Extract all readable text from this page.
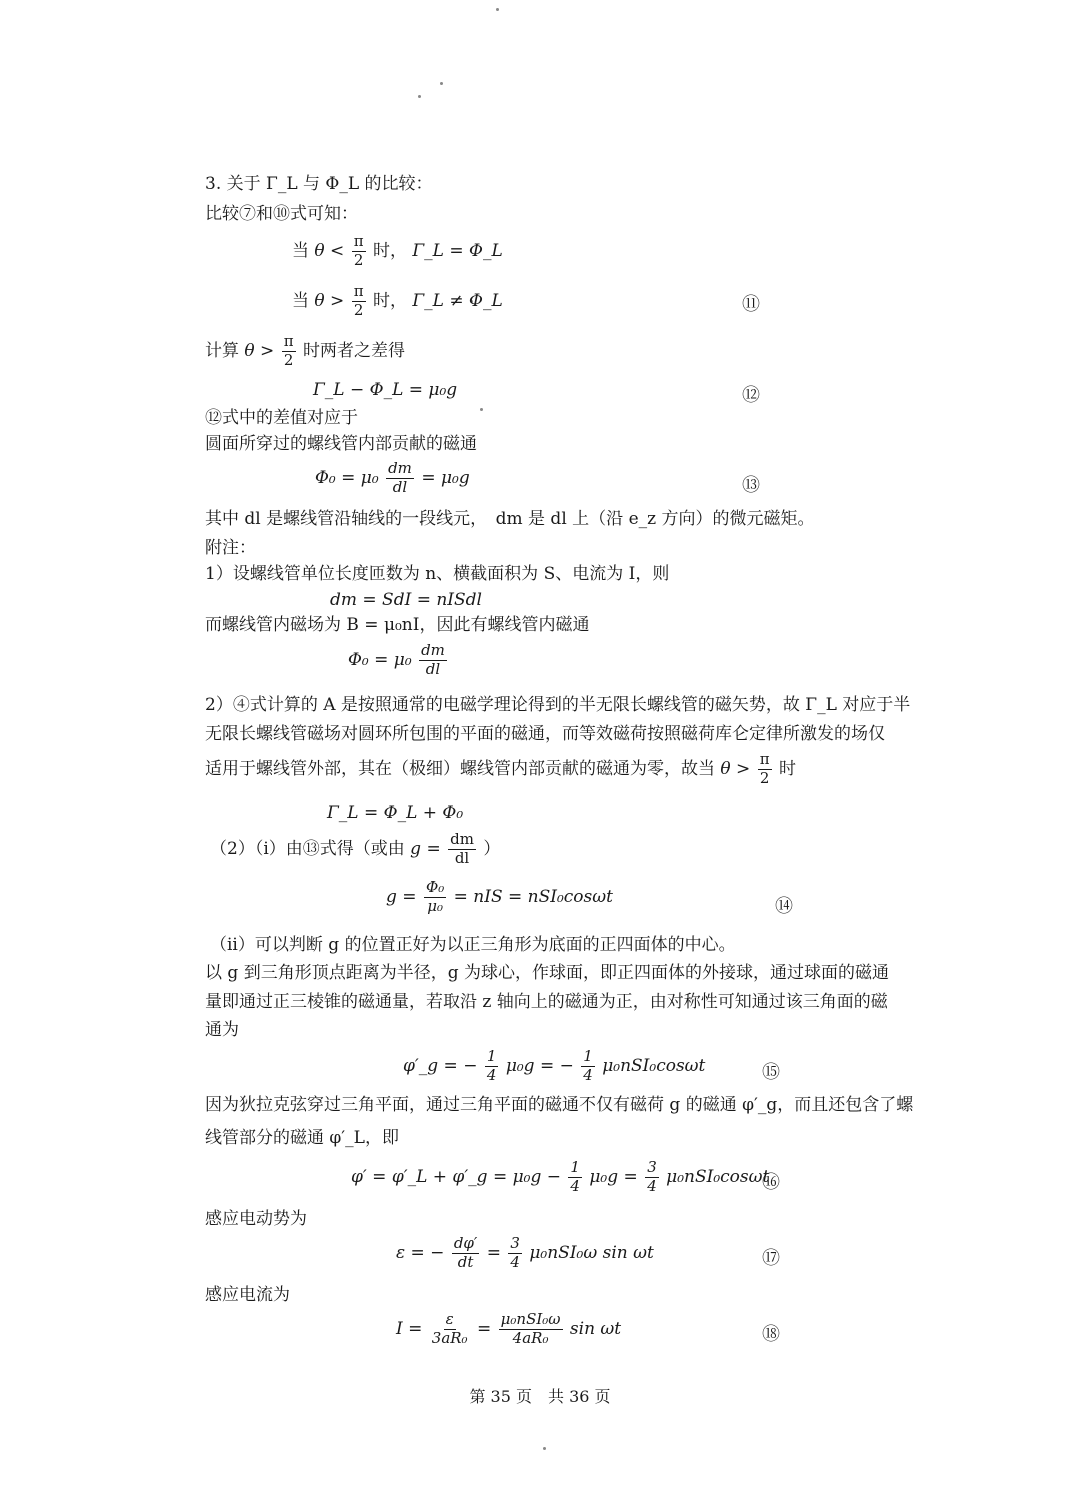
3. 关于 Γ_L 与 Φ_L 的比较：
比较⑦和⑩式可知：
当 $\theta < \frac{\pi}{2}$ 时， Γ_L = Φ_L
当 $\theta > \frac{\pi}{2}$ 时， Γ_L ≠ Φ_L	⑪
计算 $\theta > \frac{\pi}{2}$ 时两者之差得
Γ_L − Φ_L = μ₀g	⑫
⑫式中的差值对应于
圆面所穿过的螺线管内部贡献的磁通
$\Phi_0 = \mu_0 \frac{dm}{dl} = \mu_0g$	⑬
其中 dl 是螺线管沿轴线的一段线元，　dm 是 dl 上（沿 e_z 方向）的微元磁矩。
附注：
1）设螺线管单位长度匝数为 n、横截面积为 S、电流为 I，则
dm = SdI = nISdl
而螺线管内磁场为 B = μ₀nI，因此有螺线管内磁通
$\Phi_0 = \mu_0 \frac{dm}{dl}$
2）④式计算的 A 是按照通常的电磁学理论得到的半无限长螺线管的磁矢势，故 Γ_L 对应于半
无限长螺线管磁场对圆环所包围的平面的磁通，而等效磁荷按照磁荷库仑定律所激发的场仅
适用于螺线管外部，其在（极细）螺线管内部贡献的磁通为零，故当 $\theta > \frac{\pi}{2}$ 时
Γ_L = Φ_L + Φ₀
（2）（i）由⑬式得（或由 $g = \frac{dm}{dl}$ ）
$g = \frac{\text{Φ₀}}{\text{μ₀}}$ = nIS = nSI₀cosωt	⑭
（ii）可以判断 g 的位置正好为以正三角形为底面的正四面体的中心。
以 g 到三角形顶点距离为半径，g 为球心，作球面，即正四面体的外接球，通过球面的磁通
量即通过正三棱锥的磁通量，若取沿 z 轴向上的磁通为正，由对称性可知通过该三角面的磁
通为
φ′_g = − $\frac{1}{4} \mu_0g$ = − $\frac{1}{4} \mu_0nSI_0\cos\omega t$	⑮
因为狄拉克弦穿过三角平面，通过三角平面的磁通不仅有磁荷 g 的磁通 φ′_g，而且还包含了螺
线管部分的磁通 φ′_L，即
φ′ = φ′_L + φ′_g = $\mu_0g - \frac{1}{4} \mu_0g = \frac{3}{4} \mu_0nSI_0\cos\omega t$
⑯
感应电动势为
ε = − $\frac{d\varphi'}{dt} = \frac{3}{4} \mu_0nSI_0\omega$ sin ωt	⑰
感应电流为
$I = \frac{\varepsilon}{\text{3aR₀}} = \frac{\text{μ₀nSI₀ω}}{\text{4aR₀}}$ sin ωt	⑱
第 35 页　共 36 页
